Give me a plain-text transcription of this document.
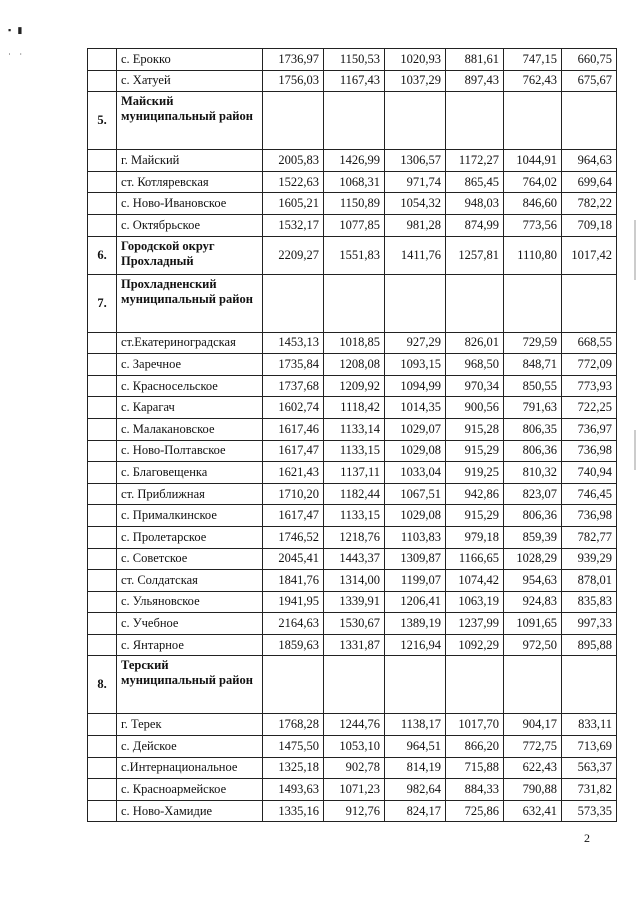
▪ ▮
˙ ˙
		с. Ерокко	1736,97	1150,53	1020,93	881,61	747,15	660,75
	с. Хатуей	1756,03	1167,43	1037,29	897,43	762,43	675,67
5.	Майский муниципальный район						
	г. Майский	2005,83	1426,99	1306,57	1172,27	1044,91	964,63
	ст. Котляревская	1522,63	1068,31	971,74	865,45	764,02	699,64
	с. Ново-Ивановское	1605,21	1150,89	1054,32	948,03	846,60	782,22
	с. Октябрьское	1532,17	1077,85	981,28	874,99	773,56	709,18
6.	Городской округ Прохладный	2209,27	1551,83	1411,76	1257,81	1110,80	1017,42
7.	Прохладненский муниципальный район						
	ст.Екатериноградская	1453,13	1018,85	927,29	826,01	729,59	668,55
	с. Заречное	1735,84	1208,08	1093,15	968,50	848,71	772,09
	с. Красносельское	1737,68	1209,92	1094,99	970,34	850,55	773,93
	с. Карагач	1602,74	1118,42	1014,35	900,56	791,63	722,25
	с. Малакановское	1617,46	1133,14	1029,07	915,28	806,35	736,97
	с. Ново-Полтавское	1617,47	1133,15	1029,08	915,29	806,36	736,98
	с. Благовещенка	1621,43	1137,11	1033,04	919,25	810,32	740,94
	ст. Приближная	1710,20	1182,44	1067,51	942,86	823,07	746,45
	с. Прималкинское	1617,47	1133,15	1029,08	915,29	806,36	736,98
	с. Пролетарское	1746,52	1218,76	1103,83	979,18	859,39	782,77
	с. Советское	2045,41	1443,37	1309,87	1166,65	1028,29	939,29
	ст. Солдатская	1841,76	1314,00	1199,07	1074,42	954,63	878,01
	с. Ульяновское	1941,95	1339,91	1206,41	1063,19	924,83	835,83
	с. Учебное	2164,63	1530,67	1389,19	1237,99	1091,65	997,33
	с. Янтарное	1859,63	1331,87	1216,94	1092,29	972,50	895,88
8.	Терский муниципальный район						
	г. Терек	1768,28	1244,76	1138,17	1017,70	904,17	833,11
	с. Дейское	1475,50	1053,10	964,51	866,20	772,75	713,69
	с.Интернациональное	1325,18	902,78	814,19	715,88	622,43	563,37
	с. Красноармейское	1493,63	1071,23	982,64	884,33	790,88	731,82
	с. Ново-Хамидие	1335,16	912,76	824,17	725,86	632,41	573,35
2
